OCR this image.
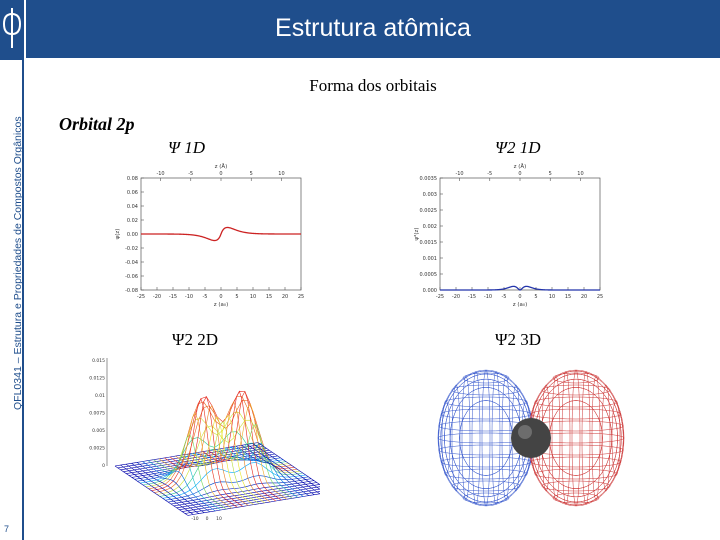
QFL0341 – Estrutura e Propriedades de Compostos Orgânicos
7
Estrutura atômica
Forma dos orbitais
Orbital 2p
Ψ 1D	Ψ2 1D
Ψ2 2D	Ψ2 3D
-25 -20 -15 -10 -5 0	5 10 15 20 25
z (a₀)
-10	-5	0	5	10
z (Å)
0.08
0.06
0.04
0.02
0.00
-0.02
-0.04
-0.06
-0.08
ψ(z)
-25 -20 -15 -10 -5 0	5 10 15 20 25
z (a₀)
-10	-5	0	5	10
z (Å)
0.0035
0.003
0.0025
0.002
0.0015
0.001
0.0005
0.000
ψ²(z)
0.015
0.0125
0.01
0.0075
0.005
0.0025
0
-10 0 10
